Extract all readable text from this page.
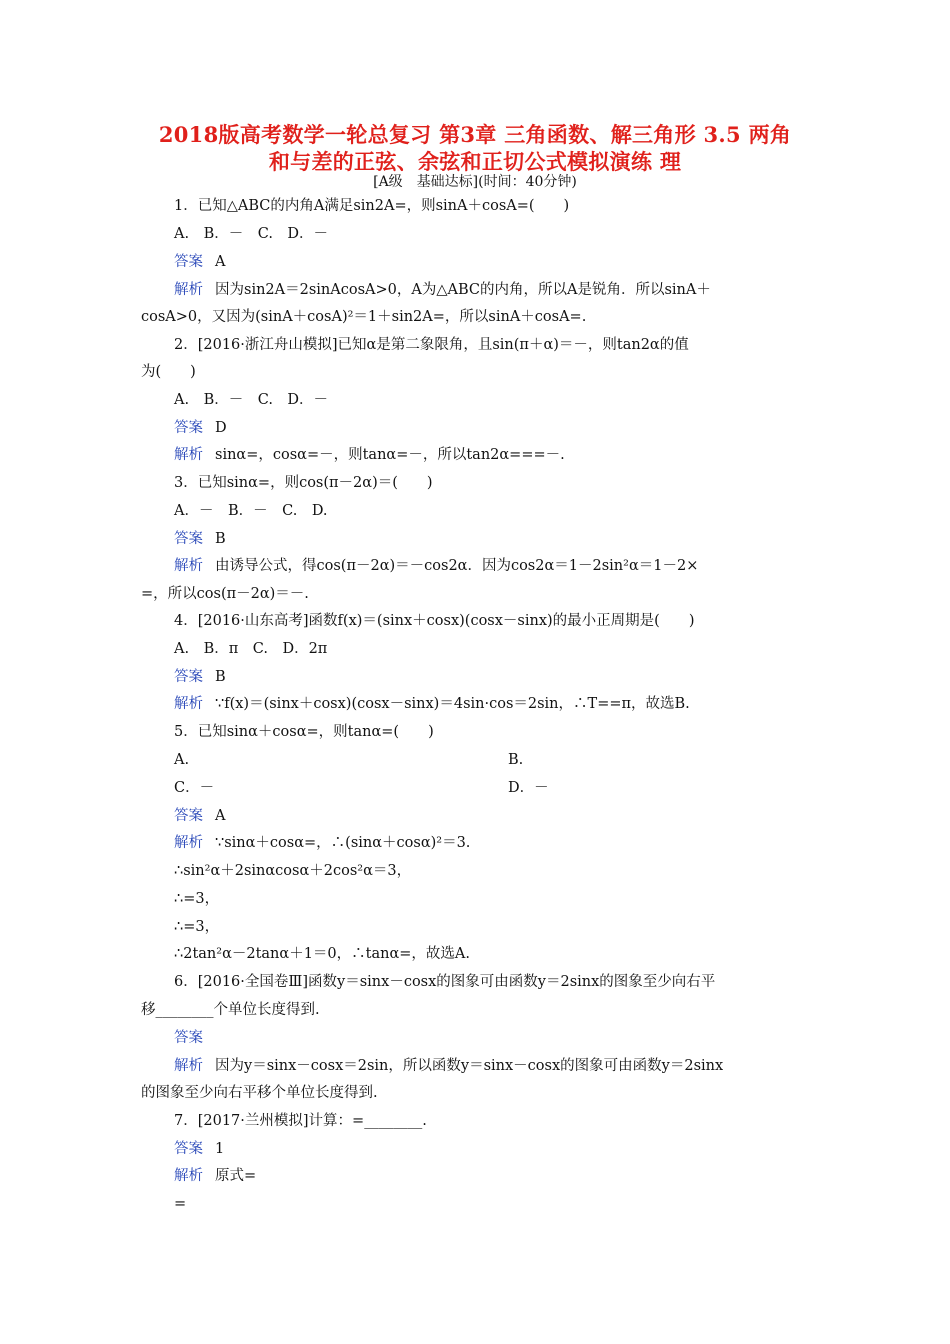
2018版高考数学一轮总复习 第3章 三角函数、解三角形 3.5 两角
和与差的正弦、余弦和正切公式模拟演练 理
[A级　基础达标](时间：40分钟)
1．已知△ABC的内角A满足sin2A=，则sinA＋cosA=(　　)
A.　B．－　C.　D．－
答案 A
解析 因为sin2A＝2sinAcosA>0，A为△ABC的内角，所以A是锐角．所以sinA＋
cosA>0，又因为(sinA＋cosA)²＝1＋sin2A=，所以sinA＋cosA=.
2．[2016·浙江舟山模拟]已知α是第二象限角，且sin(π＋α)＝－，则tan2α的值
为(　　)
A.　B．－　C.　D．－
答案 D
解析 sinα=，cosα=－，则tanα=－，所以tan2α===－.
3．已知sinα=，则cos(π－2α)＝(　　)
A．－　B．－　C.　D.
答案 B
解析 由诱导公式，得cos(π－2α)＝－cos2α．因为cos2α＝1－2sin²α＝1－2×
=，所以cos(π－2α)＝－.
4．[2016·山东高考]函数f(x)＝(sinx＋cosx)(cosx－sinx)的最小正周期是(　　)
A.　B．π　C.　D．2π
答案 B
解析 ∵f(x)＝(sinx＋cosx)(cosx－sinx)＝4sin·cos＝2sin，∴T==π，故选B.
5．已知sinα＋cosα=，则tanα=(　　)
A.	B.
C．－	D．－
答案 A
解析 ∵sinα＋cosα=，∴(sinα＋cosα)²＝3.
∴sin²α＋2sinαcosα＋2cos²α＝3，
∴=3，
∴=3，
∴2tan²α－2tanα＋1＝0，∴tanα=，故选A.
6．[2016·全国卷Ⅲ]函数y＝sinx－cosx的图象可由函数y＝2sinx的图象至少向右平
移________个单位长度得到.
答案
解析 因为y＝sinx－cosx＝2sin，所以函数y＝sinx－cosx的图象可由函数y＝2sinx
的图象至少向右平移个单位长度得到.
7．[2017·兰州模拟]计算：=________.
答案 1
解析 原式=
=
